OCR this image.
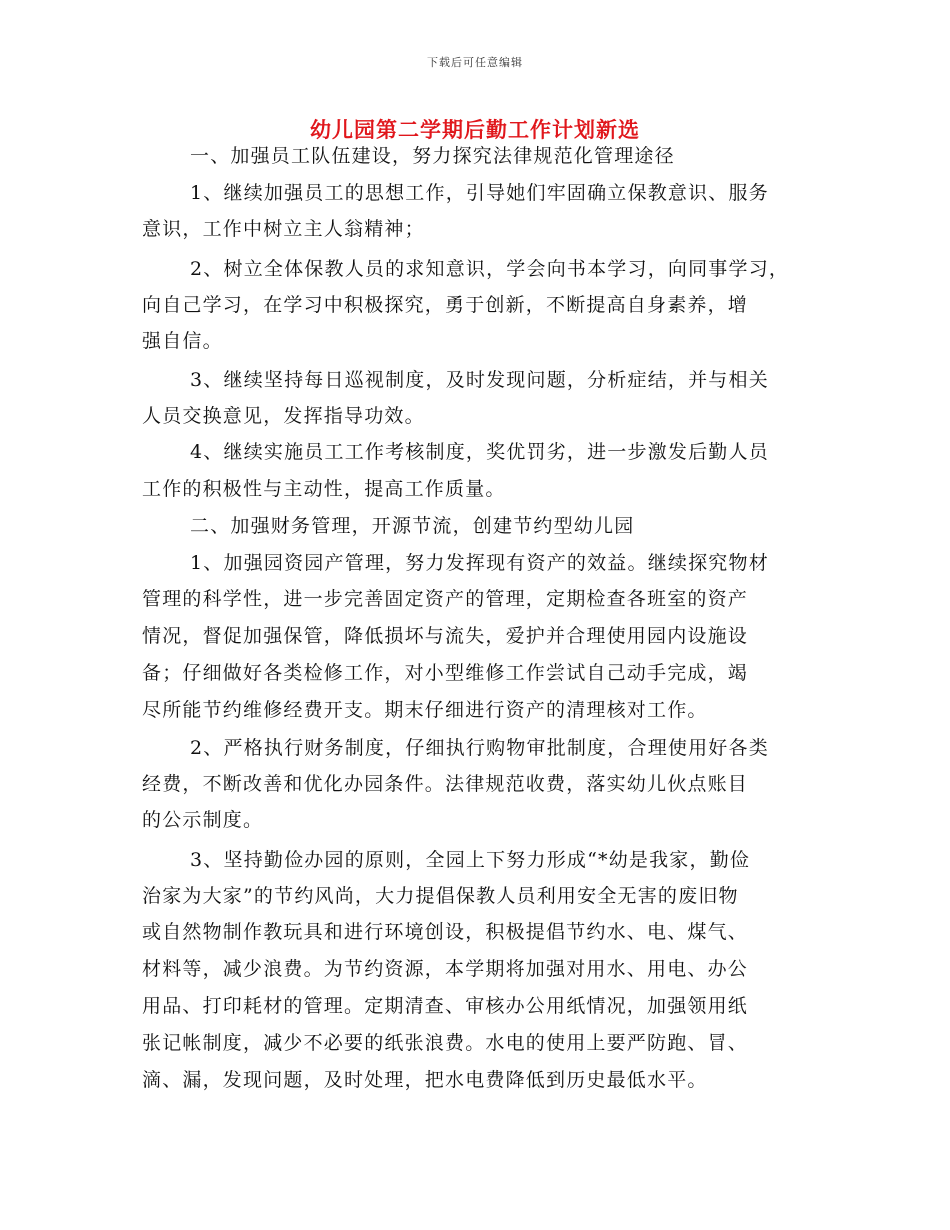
下载后可任意编辑
幼儿园第二学期后勤工作计划新选
一、加强员工队伍建设，努力探究法律规范化管理途径
1、继续加强员工的思想工作，引导她们牢固确立保教意识、服务
意识，工作中树立主人翁精神；
2、树立全体保教人员的求知意识，学会向书本学习，向同事学习，
向自己学习，在学习中积极探究，勇于创新，不断提高自身素养，增
强自信。
3、继续坚持每日巡视制度，及时发现问题，分析症结，并与相关
人员交换意见，发挥指导功效。
4、继续实施员工工作考核制度，奖优罚劣，进一步激发后勤人员
工作的积极性与主动性，提高工作质量。
二、加强财务管理，开源节流，创建节约型幼儿园
1、加强园资园产管理，努力发挥现有资产的效益。继续探究物材
管理的科学性，进一步完善固定资产的管理，定期检查各班室的资产
情况，督促加强保管，降低损坏与流失，爱护并合理使用园内设施设
备；仔细做好各类检修工作，对小型维修工作尝试自己动手完成，竭
尽所能节约维修经费开支。期末仔细进行资产的清理核对工作。
2、严格执行财务制度，仔细执行购物审批制度，合理使用好各类
经费，不断改善和优化办园条件。法律规范收费，落实幼儿伙点账目
的公示制度。
3、坚持勤俭办园的原则，全园上下努力形成“*幼是我家，勤俭
治家为大家”的节约风尚，大力提倡保教人员利用安全无害的废旧物
或自然物制作教玩具和进行环境创设，积极提倡节约水、电、煤气、
材料等，减少浪费。为节约资源，本学期将加强对用水、用电、办公
用品、打印耗材的管理。定期清查、审核办公用纸情况，加强领用纸
张记帐制度，减少不必要的纸张浪费。水电的使用上要严防跑、冒、
滴、漏，发现问题，及时处理，把水电费降低到历史最低水平。
